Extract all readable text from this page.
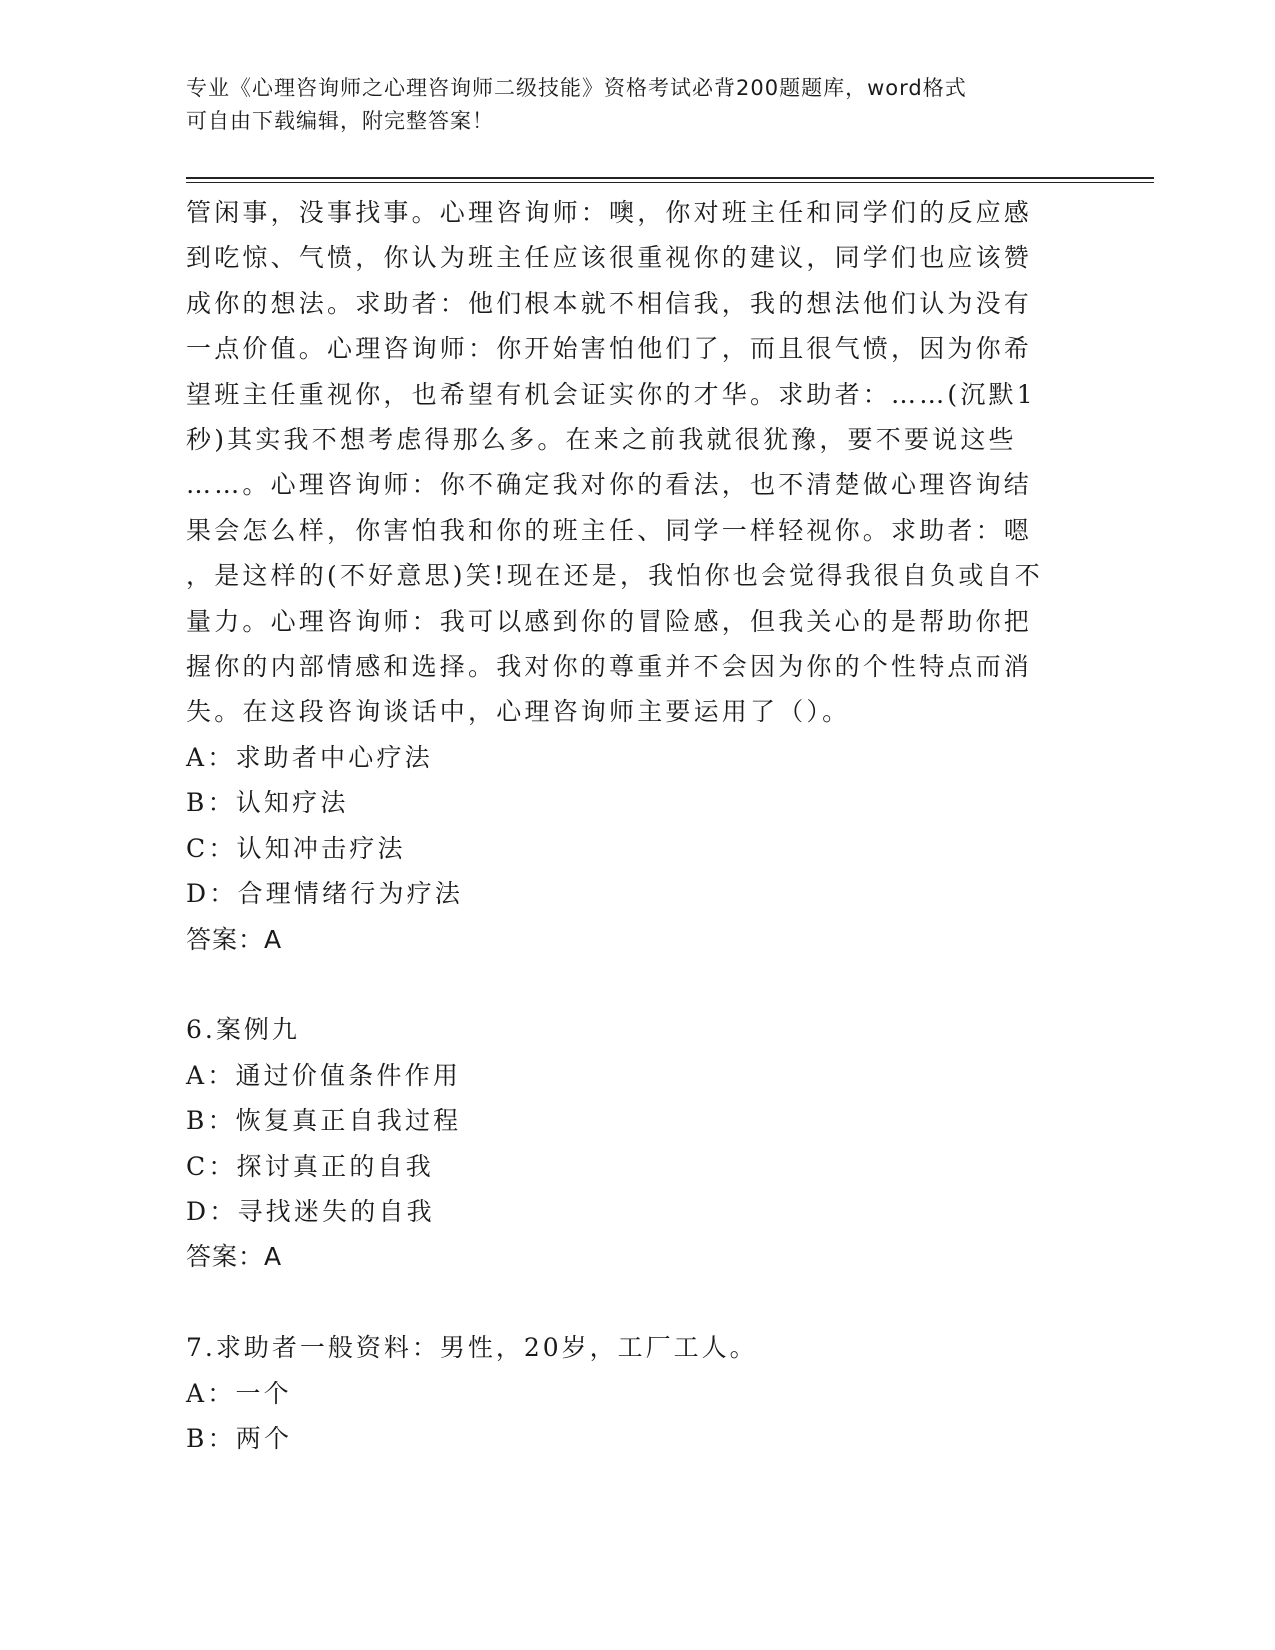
专业《心理咨询师之心理咨询师二级技能》资格考试必背200题题库，word格式
可自由下载编辑，附完整答案！

管闲事，没事找事。心理咨询师：噢，你对班主任和同学们的反应感

到吃惊、气愤，你认为班主任应该很重视你的建议，同学们也应该赞

成你的想法。求助者：他们根本就不相信我，我的想法他们认为没有

一点价值。心理咨询师：你开始害怕他们了，而且很气愤，因为你希

望班主任重视你，也希望有机会证实你的才华。求助者：……(沉默1

秒)其实我不想考虑得那么多。在来之前我就很犹豫，要不要说这些

……。心理咨询师：你不确定我对你的看法，也不清楚做心理咨询结

果会怎么样，你害怕我和你的班主任、同学一样轻视你。求助者：嗯

，是这样的(不好意思)笑!现在还是，我怕你也会觉得我很自负或自不

量力。心理咨询师：我可以感到你的冒险感，但我关心的是帮助你把

握你的内部情感和选择。我对你的尊重并不会因为你的个性特点而消

失。在这段咨询谈话中，心理咨询师主要运用了（）。

A：求助者中心疗法

B：认知疗法

C：认知冲击疗法

D：合理情绪行为疗法

答案：A

6.案例九

A：通过价值条件作用

B：恢复真正自我过程

C：探讨真正的自我

D：寻找迷失的自我

答案：A

7.求助者一般资料：男性，20岁，工厂工人。

A：一个

B：两个
